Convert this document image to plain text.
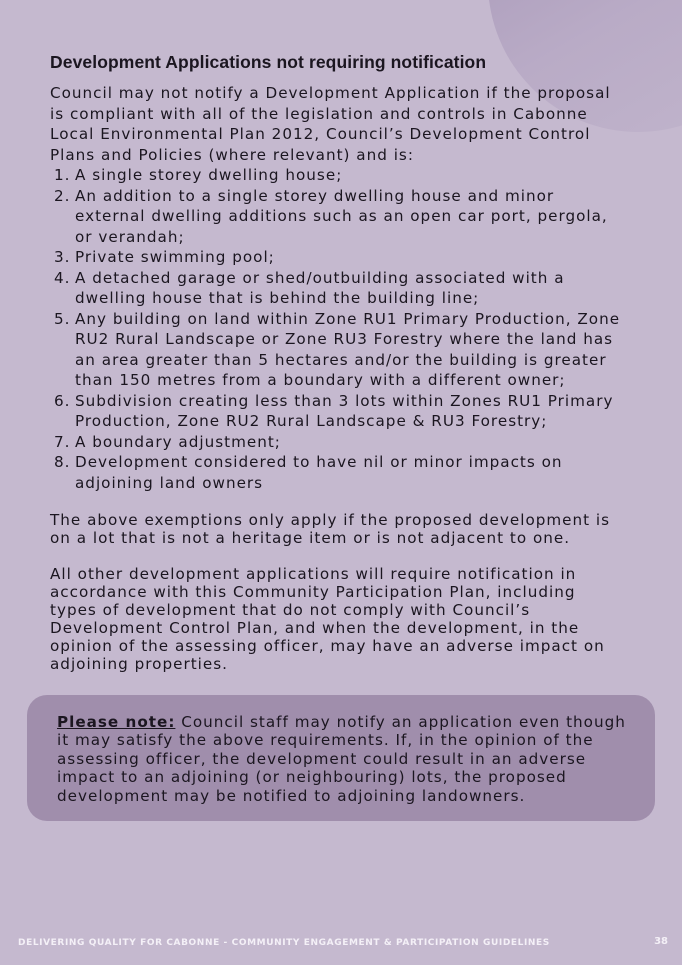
Development Applications not requiring notification

Council may not notify a Development Application if the proposal is compliant with all of the legislation and controls in Cabonne Local Environmental Plan 2012, Council’s Development Control Plans and Policies (where relevant) and is:

1. A single storey dwelling house;
2. An addition to a single storey dwelling house and minor external dwelling additions such as an open car port, pergola, or verandah;
3. Private swimming pool;
4. A detached garage or shed/outbuilding associated with a dwelling house that is behind the building line;
5. Any building on land within Zone RU1 Primary Production, Zone RU2 Rural Landscape or Zone RU3 Forestry where the land has an area greater than 5 hectares and/or the building is greater than 150 metres from a boundary with a different owner;
6. Subdivision creating less than 3 lots within Zones RU1 Primary Production, Zone RU2 Rural Landscape & RU3 Forestry;
7. A boundary adjustment;
8. Development considered to have nil or minor impacts on adjoining land owners

The above exemptions only apply if the proposed development is on a lot that is not a heritage item or is not adjacent to one.

All other development applications will require notification in accordance with this Community Participation Plan, including types of development that do not comply with Council’s Development Control Plan, and when the development, in the opinion of the assessing officer, may have an adverse impact on adjoining properties.

Please note: Council staff may notify an application even though it may satisfy the above requirements. If, in the opinion of the assessing officer, the development could result in an adverse impact to an adjoining (or neighbouring) lots, the proposed development may be notified to adjoining landowners.
DELIVERING QUALITY FOR CABONNE - COMMUNITY ENGAGEMENT & PARTICIPATION GUIDELINES	38
